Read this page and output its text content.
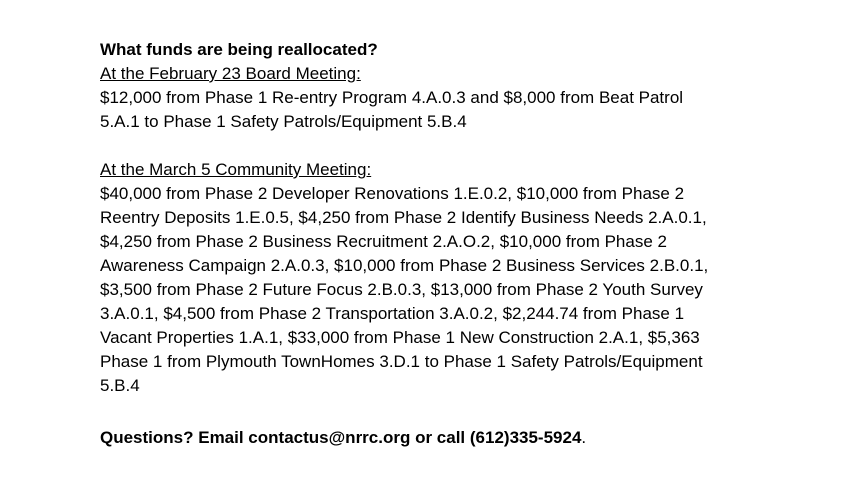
What funds are being reallocated?

At the February 23 Board Meeting:

$12,000 from Phase 1 Re-entry Program 4.A.0.3 and $8,000 from Beat Patrol

5.A.1 to Phase 1 Safety Patrols/Equipment 5.B.4

At the March 5 Community Meeting:

$40,000 from Phase 2 Developer Renovations 1.E.0.2, $10,000 from Phase 2

Reentry Deposits 1.E.0.5, $4,250 from Phase 2 Identify Business Needs 2.A.0.1,

$4,250 from Phase 2 Business Recruitment 2.A.O.2, $10,000 from Phase 2

Awareness Campaign 2.A.0.3, $10,000 from Phase 2 Business Services 2.B.0.1,

$3,500 from Phase 2 Future Focus 2.B.0.3, $13,000 from Phase 2 Youth Survey

3.A.0.1, $4,500 from Phase 2 Transportation 3.A.0.2, $2,244.74 from Phase 1

Vacant Properties 1.A.1, $33,000 from Phase 1 New Construction 2.A.1, $5,363

Phase 1 from Plymouth TownHomes 3.D.1 to Phase 1 Safety Patrols/Equipment

5.B.4

Questions? Email contactus@nrrc.org or call (612)335-5924.
